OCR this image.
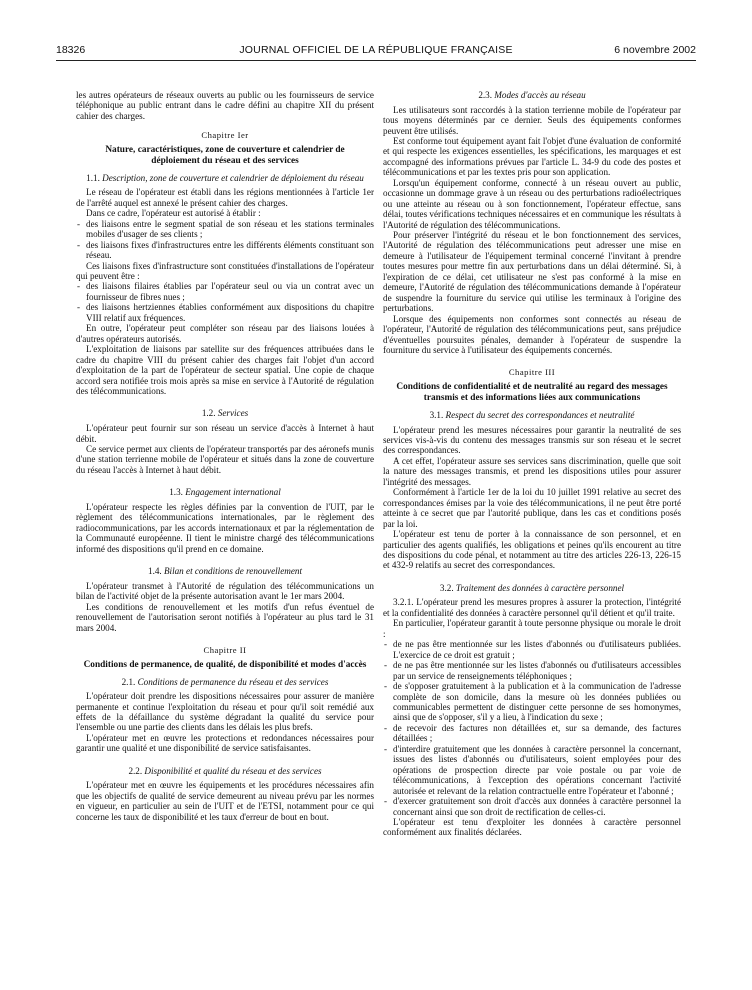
18326	JOURNAL OFFICIEL DE LA RÉPUBLIQUE FRANÇAISE	6 novembre 2002

les autres opérateurs de réseaux ouverts au public ou les fournisseurs de service téléphonique au public entrant dans le cadre défini au chapitre XII du présent cahier des charges.

Chapitre Ier
Nature, caractéristiques, zone de couverture et calendrier de déploiement du réseau et des services
1.1. Description, zone de couverture et calendrier de déploiement du réseau

Le réseau de l'opérateur est établi dans les régions mentionnées à l'article 1er de l'arrêté auquel est annexé le présent cahier des charges.

Dans ce cadre, l'opérateur est autorisé à établir :

- des liaisons entre le segment spatial de son réseau et les stations terminales mobiles d'usager de ses clients ;
- des liaisons fixes d'infrastructures entre les différents éléments constituant son réseau.

Ces liaisons fixes d'infrastructure sont constituées d'installations de l'opérateur qui peuvent être :

- des liaisons filaires établies par l'opérateur seul ou via un contrat avec un fournisseur de fibres nues ;
- des liaisons hertziennes établies conformément aux dispositions du chapitre VIII relatif aux fréquences.

En outre, l'opérateur peut compléter son réseau par des liaisons louées à d'autres opérateurs autorisés.

L'exploitation de liaisons par satellite sur des fréquences attribuées dans le cadre du chapitre VIII du présent cahier des charges fait l'objet d'un accord d'exploitation de la part de l'opérateur de secteur spatial. Une copie de chaque accord sera notifiée trois mois après sa mise en service à l'Autorité de régulation des télécommunications.

1.2. Services

L'opérateur peut fournir sur son réseau un service d'accès à Internet à haut débit.

Ce service permet aux clients de l'opérateur transportés par des aéronefs munis d'une station terrienne mobile de l'opérateur et situés dans la zone de couverture du réseau l'accès à Internet à haut débit.

1.3. Engagement international

L'opérateur respecte les règles définies par la convention de l'UIT, par le règlement des télécommunications internationales, par le règlement des radiocommunications, par les accords internationaux et par la réglementation de la Communauté européenne. Il tient le ministre chargé des télécommunications informé des dispositions qu'il prend en ce domaine.

1.4. Bilan et conditions de renouvellement

L'opérateur transmet à l'Autorité de régulation des télécommunications un bilan de l'activité objet de la présente autorisation avant le 1er mars 2004.

Les conditions de renouvellement et les motifs d'un refus éventuel de renouvellement de l'autorisation seront notifiés à l'opérateur au plus tard le 31 mars 2004.

Chapitre II
Conditions de permanence, de qualité, de disponibilité et modes d'accès
2.1. Conditions de permanence du réseau et des services

L'opérateur doit prendre les dispositions nécessaires pour assurer de manière permanente et continue l'exploitation du réseau et pour qu'il soit remédié aux effets de la défaillance du système dégradant la qualité du service pour l'ensemble ou une partie des clients dans les délais les plus brefs.

L'opérateur met en œuvre les protections et redondances nécessaires pour garantir une qualité et une disponibilité de service satisfaisantes.

2.2. Disponibilité et qualité du réseau et des services

L'opérateur met en œuvre les équipements et les procédures nécessaires afin que les objectifs de qualité de service demeurent au niveau prévu par les normes en vigueur, en particulier au sein de l'UIT et de l'ETSI, notamment pour ce qui concerne les taux de disponibilité et les taux d'erreur de bout en bout.

2.3. Modes d'accès au réseau

Les utilisateurs sont raccordés à la station terrienne mobile de l'opérateur par tous moyens déterminés par ce dernier. Seuls des équipements conformes peuvent être utilisés.

Est conforme tout équipement ayant fait l'objet d'une évaluation de conformité et qui respecte les exigences essentielles, les spécifications, les marquages et est accompagné des informations prévues par l'article L. 34-9 du code des postes et télécommunications et par les textes pris pour son application.

Lorsqu'un équipement conforme, connecté à un réseau ouvert au public, occasionne un dommage grave à un réseau ou des perturbations radioélectriques ou une atteinte au réseau ou à son fonctionnement, l'opérateur effectue, sans délai, toutes vérifications techniques nécessaires et en communique les résultats à l'Autorité de régulation des télécommunications.

Pour préserver l'intégrité du réseau et le bon fonctionnement des services, l'Autorité de régulation des télécommunications peut adresser une mise en demeure à l'utilisateur de l'équipement terminal concerné l'invitant à prendre toutes mesures pour mettre fin aux perturbations dans un délai déterminé. Si, à l'expiration de ce délai, cet utilisateur ne s'est pas conformé à la mise en demeure, l'Autorité de régulation des télécommunications demande à l'opérateur de suspendre la fourniture du service qui utilise les terminaux à l'origine des perturbations.

Lorsque des équipements non conformes sont connectés au réseau de l'opérateur, l'Autorité de régulation des télécommunications peut, sans préjudice d'éventuelles poursuites pénales, demander à l'opérateur de suspendre la fourniture du service à l'utilisateur des équipements concernés.

Chapitre III
Conditions de confidentialité et de neutralité au regard des messages transmis et des informations liées aux communications
3.1. Respect du secret des correspondances et neutralité

L'opérateur prend les mesures nécessaires pour garantir la neutralité de ses services vis-à-vis du contenu des messages transmis sur son réseau et le secret des correspondances.

A cet effet, l'opérateur assure ses services sans discrimination, quelle que soit la nature des messages transmis, et prend les dispositions utiles pour assurer l'intégrité des messages.

Conformément à l'article 1er de la loi du 10 juillet 1991 relative au secret des correspondances émises par la voie des télécommunications, il ne peut être porté atteinte à ce secret que par l'autorité publique, dans les cas et conditions posés par la loi.

L'opérateur est tenu de porter à la connaissance de son personnel, et en particulier des agents qualifiés, les obligations et peines qu'ils encourent au titre des dispositions du code pénal, et notamment au titre des articles 226-13, 226-15 et 432-9 relatifs au secret des correspondances.

3.2. Traitement des données à caractère personnel

3.2.1. L'opérateur prend les mesures propres à assurer la protection, l'intégrité et la confidentialité des données à caractère personnel qu'il détient et qu'il traite.

En particulier, l'opérateur garantit à toute personne physique ou morale le droit :

- de ne pas être mentionnée sur les listes d'abonnés ou d'utilisateurs publiées. L'exercice de ce droit est gratuit ;
- de ne pas être mentionnée sur les listes d'abonnés ou d'utilisateurs accessibles par un service de renseignements téléphoniques ;
- de s'opposer gratuitement à la publication et à la communication de l'adresse complète de son domicile, dans la mesure où les données publiées ou communicables permettent de distinguer cette personne de ses homonymes, ainsi que de s'opposer, s'il y a lieu, à l'indication du sexe ;
- de recevoir des factures non détaillées et, sur sa demande, des factures détaillées ;
- d'interdire gratuitement que les données à caractère personnel la concernant, issues des listes d'abonnés ou d'utilisateurs, soient employées pour des opérations de prospection directe par voie postale ou par voie de télécommunications, à l'exception des opérations concernant l'activité autorisée et relevant de la relation contractuelle entre l'opérateur et l'abonné ;
- d'exercer gratuitement son droit d'accès aux données à caractère personnel la concernant ainsi que son droit de rectification de celles-ci.

L'opérateur est tenu d'exploiter les données à caractère personnel conformément aux finalités déclarées.
